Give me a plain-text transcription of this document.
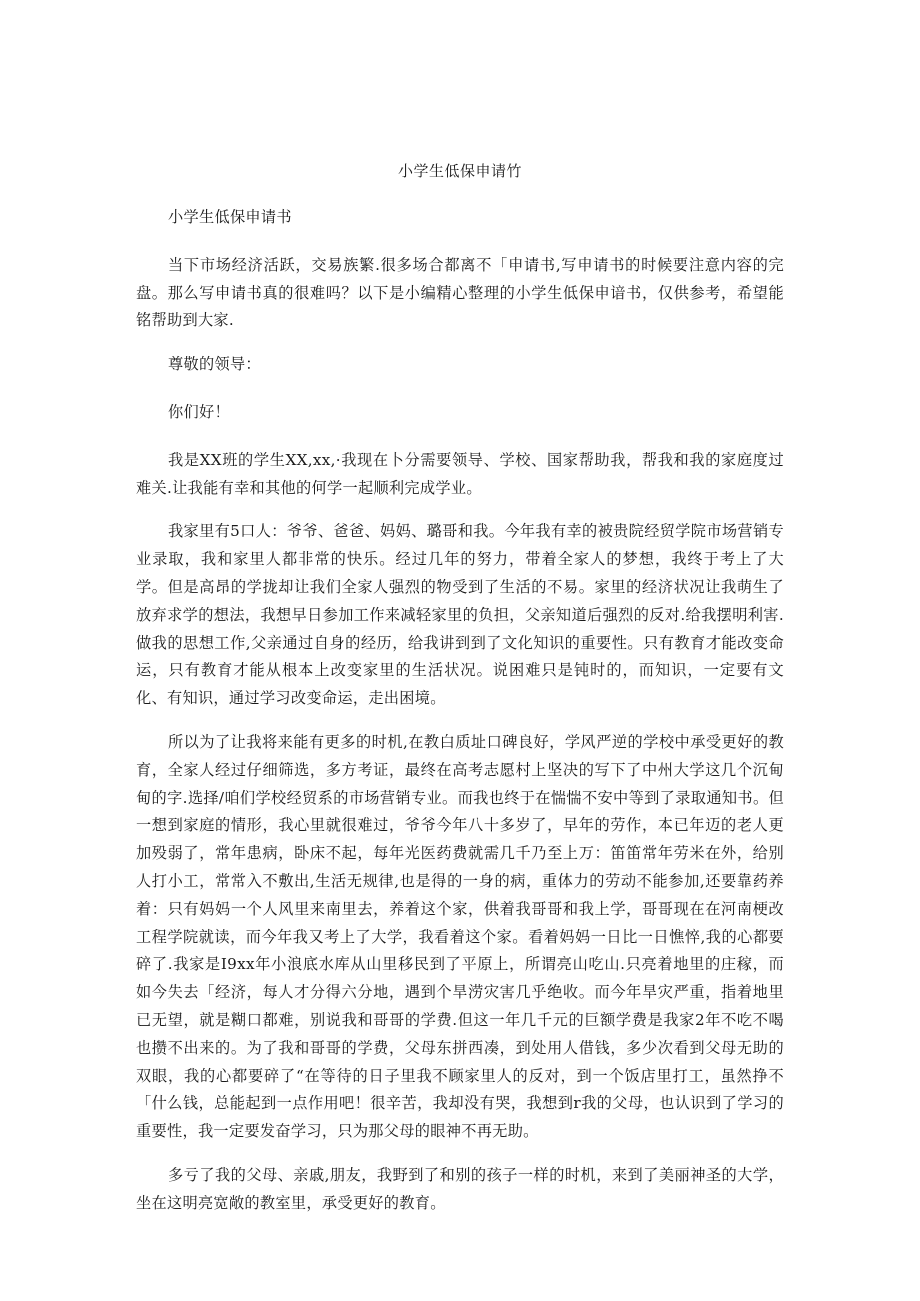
小学生低保申请竹

小学生低保申请书

当下市场经济活跃，交易族繁.很多场合都离不「申请书,写申请书的时候要注意内容的完盘。那么写申请书真的很难吗？以下是小编精心整理的小学生低保申谙书，仅供参考，希望能铭帮助到大家.

尊敬的领导：

你们好！

我是XX班的学生XX,xx,·我现在卜分需要领导、学校、国家帮助我，帮我和我的家庭度过难关.让我能有幸和其他的何学一起顺利完成学业。

我家里有5口人：爷爷、爸爸、妈妈、璐哥和我。今年我有幸的被贵院经贸学院市场营销专业录取，我和家里人都非常的快乐。经过几年的努力，带着全家人的梦想，我终于考上了大学。但是高昂的学拢却让我们全家人强烈的物受到了生活的不易。家里的经济状况让我萌生了放弃求学的想法，我想早日参加工作来减轻家里的负担，父亲知道后强烈的反对.给我摆明利害.做我的思想工作,父亲通过自身的经历，给我讲到到了文化知识的重要性。只有教育才能改变命运，只有教育才能从根本上改变家里的生活状况。说困难只是钝时的，而知识，一定要有文化、有知识，通过学习改变命运，走出困境。

所以为了让我将来能有更多的时机,在教白质址口碑良好，学风严逆的学校中承受更好的教育，全家人经过仔细筛选，多方考证，最终在高考志愿村上坚决的写下了中州大学这几个沉甸甸的字.选择/咱们学校经贸系的市场营销专业。而我也终于在惴惴不安中等到了录取通知书。但一想到家庭的情形，我心里就很难过，爷爷今年八十多岁了，早年的劳作，本已年迈的老人更加殁弱了，常年患病，卧床不起，每年光医药费就需几千乃至上万：笛笛常年劳米在外，给别人打小工，常常入不敷出,生活无规律,也是得的一身的病，重体力的劳动不能参加,还要靠药养着：只有妈妈一个人风里来南里去，养着这个家，供着我哥哥和我上学，哥哥现在在河南梗改工程学院就读，而今年我又考上了大学，我看着这个家。看着妈妈一日比一日憔悴,我的心都要碎了.我家是I9xx年小浪底水库从山里移民到了平原上，所谓亮山吃山.只亮着地里的庄稼，而如今失去「经济，每人才分得六分地，遇到个旱涝灾害几乎绝收。而今年旱灾严重，指着地里已无望，就是糊口都难，别说我和哥哥的学费.但这一年几千元的巨额学费是我家2年不吃不喝也攒不出来的。为了我和哥哥的学费，父母东拼西凑，到处用人借钱，多少次看到父母无助的双眼，我的心都要碎了“在等待的日子里我不顾家里人的反对，到一个饭店里打工，虽然挣不「什么钱，总能起到一点作用吧！很辛苦，我却没有哭，我想到r我的父母，也认识到了学习的重要性，我一定要发奋学习，只为那父母的眼神不再无助。

多亏了我的父母、亲戚,朋友，我野到了和别的孩子一样的时机，来到了美丽神圣的大学，坐在这明亮宽敞的教室里，承受更好的教育。
